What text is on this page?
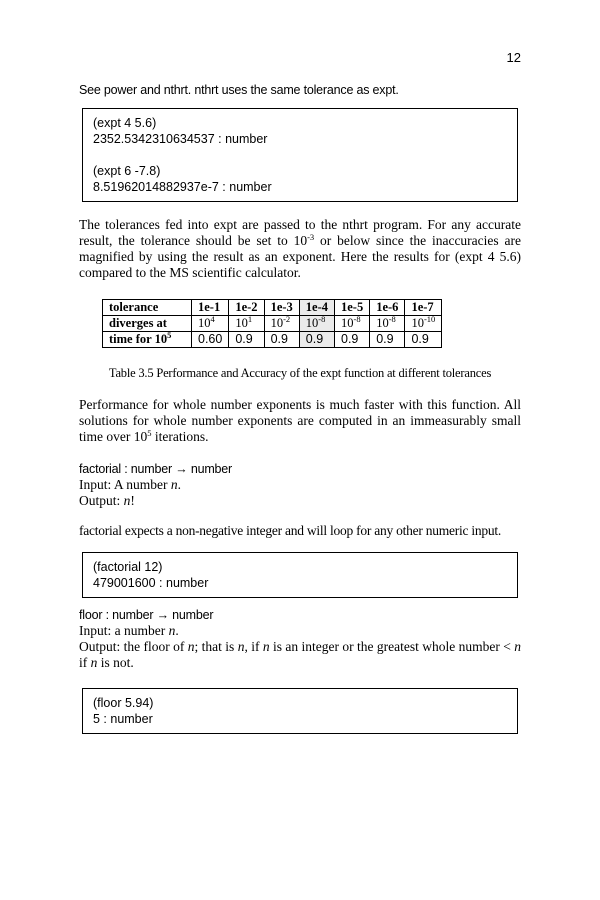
12

See power and nthrt. nthrt uses the same tolerance as expt.

(expt 4 5.6)
2352.5342310634537 : number
(expt 6 -7.8)
8.51962014882937e-7 : number

The tolerances fed into expt are passed to the nthrt program. For any accurate result, the tolerance should be set to $10^{-3}$ or below since the inaccuracies are magnified by using the result as an exponent. Here the results for (expt 4 5.6) compared to the MS scientific calculator.

tolerance	1e-1	1e-2	1e-3	1e-4	1e-5	1e-6	1e-7
diverges at	$10^4$	$10^1$	$10^{-2}$	$10^{-8}$	$10^{-8}$	$10^{-8}$	$10^{-10}$
time for $10^5$	0.60	0.9	0.9	0.9	0.9	0.9	0.9

Table 3.5 Performance and Accuracy of the expt function at different tolerances

Performance for whole number exponents is much faster with this function. All solutions for whole number exponents are computed in an immeasurably small time over $10^5$ iterations.

factorial : number → number

Input: A number n.

Output: n!

factorial expects a non-negative integer and will loop for any other numeric input.

(factorial 12)
479001600 : number

floor : number → number

Input: a number n.

Output: the floor of n; that is n, if n is an integer or the greatest whole number < n if n is not.

(floor 5.94)
5 : number
